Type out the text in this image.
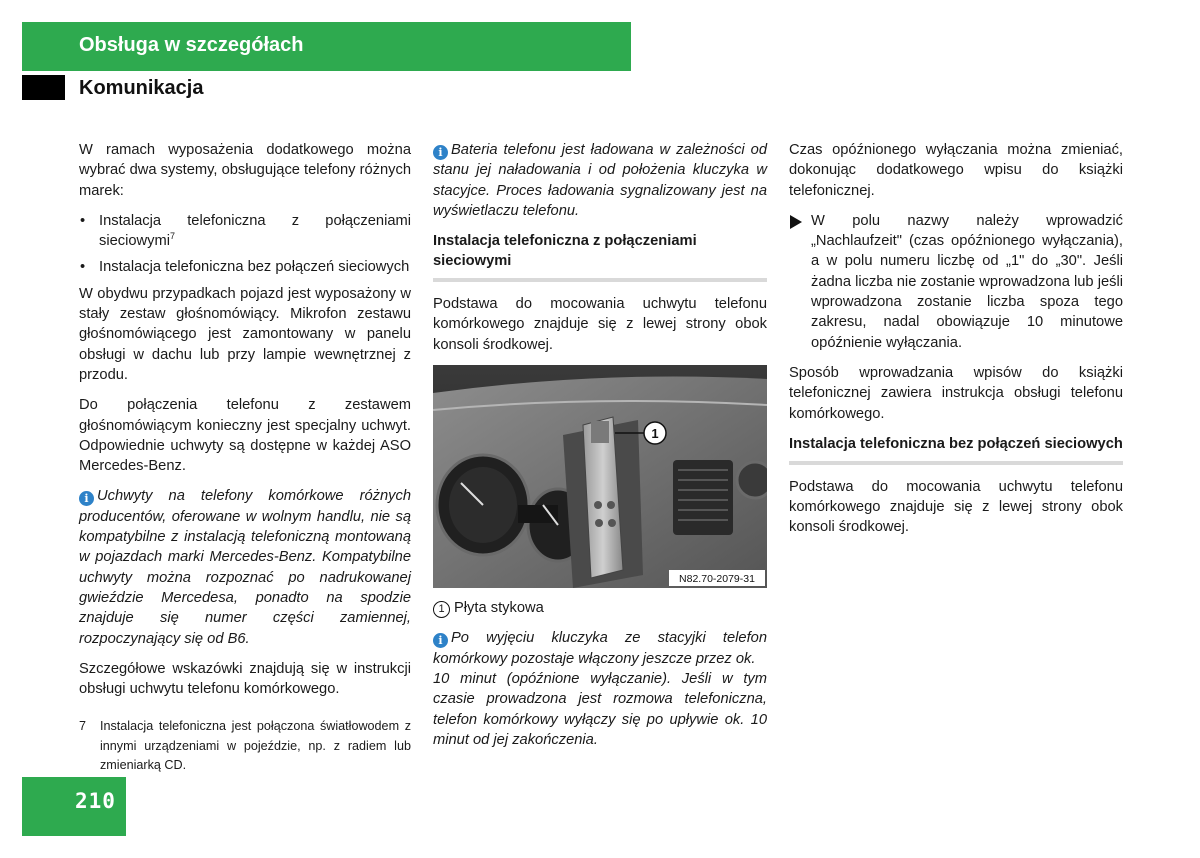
Obsługa w szczegółach
Komunikacja

W ramach wyposażenia dodatkowego można wybrać dwa systemy, obsługujące telefony różnych marek:

• Instalacja telefoniczna z połączeniami sieciowymi$^7$
• Instalacja telefoniczna bez połączeń sieciowych

W obydwu przypadkach pojazd jest wyposażony w stały zestaw głośnomówiący. Mikrofon zestawu głośnomówiącego jest zamontowany w panelu obsługi w dachu lub przy lampie wewnętrznej z przodu.

Do połączenia telefonu z zestawem głośnomówiącym konieczny jest specjalny uchwyt. Odpowiednie uchwyty są dostępne w każdej ASO Mercedes-Benz.

i Uchwyty na telefony komórkowe różnych producentów, oferowane w wolnym handlu, nie są kompatybilne z instalacją telefoniczną montowaną w pojazdach marki Mercedes-Benz. Kompatybilne uchwyty można rozpoznać po nadrukowanej gwieździe Mercedesa, ponadto na spodzie znajduje się numer części zamiennej, rozpoczynający się od B6.

Szczegółowe wskazówki znajdują się w instrukcji obsługi uchwytu telefonu komórkowego.

7 Instalacja telefoniczna jest połączona światłowodem z innymi urządzeniami w pojeździe, np. z radiem lub zmieniarką CD.

i Bateria telefonu jest ładowana w zależności od stanu jej naładowania i od położenia kluczyka w stacyjce. Proces ładowania sygnalizowany jest na wyświetlaczu telefonu.

Instalacja telefoniczna z połączeniami sieciowymi

Podstawa do mocowania uchwytu telefonu komórkowego znajduje się z lewej strony obok konsoli środkowej.

1
N82.70-2079-31

1 Płyta stykowa

i Po wyjęciu kluczyka ze stacyjki telefon komórkowy pozostaje włączony jeszcze przez ok.
10 minut (opóźnione wyłączanie). Jeśli w tym czasie prowadzona jest rozmowa telefoniczna, telefon komórkowy wyłączy się po upływie ok. 10 minut od jej zakończenia.

Czas opóźnionego wyłączania można zmieniać, dokonując dodatkowego wpisu do książki telefonicznej.

W polu nazwy należy wprowadzić „Nachlaufzeit" (czas opóźnionego wyłączania), a w polu numeru liczbę od „1" do „30". Jeśli żadna liczba nie zostanie wprowadzona lub jeśli wprowadzona zostanie liczba spoza tego zakresu, nadal obowiązuje 10 minutowe opóźnienie wyłączania.

Sposób wprowadzania wpisów do książki telefonicznej zawiera instrukcja obsługi telefonu komórkowego.

Instalacja telefoniczna bez połączeń sieciowych

Podstawa do mocowania uchwytu telefonu komórkowego znajduje się z lewej strony obok konsoli środkowej.

210
